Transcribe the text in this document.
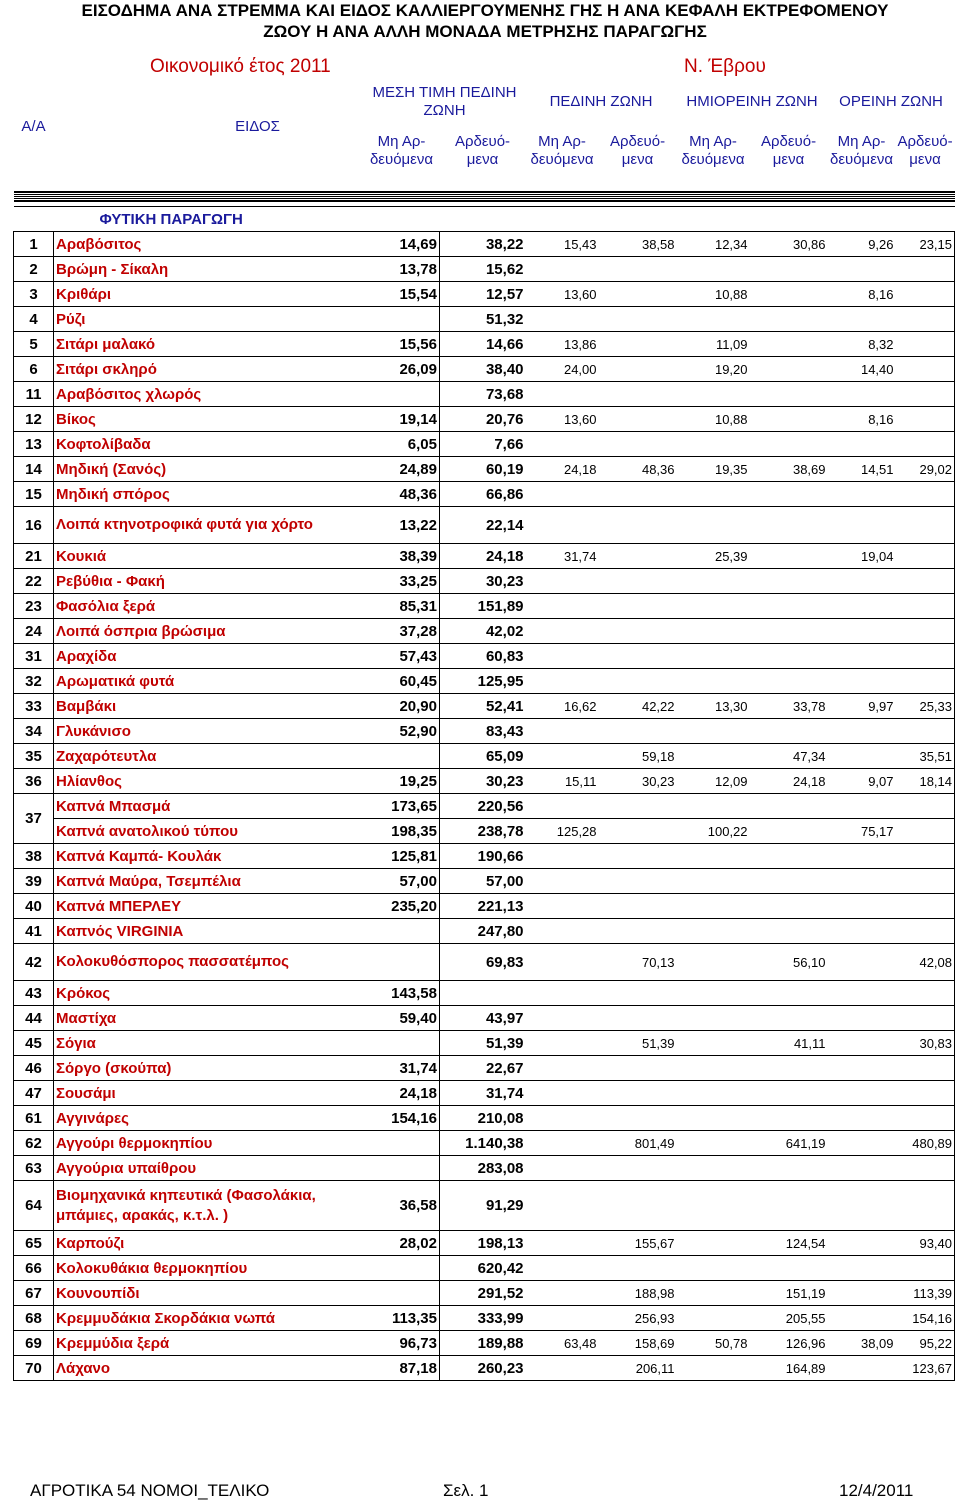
ΕΙΣΟΔΗΜΑ ΑΝΑ ΣΤΡΕΜΜΑ ΚΑΙ ΕΙΔΟΣ ΚΑΛΛΙΕΡΓΟΥΜΕΝΗΣ ΓΗΣ Η ΑΝΑ ΚΕΦΑΛΗ ΕΚΤΡΕΦΟΜΕΝΟΥ
ΖΩΟΥ Η ΑΝΑ ΑΛΛΗ ΜΟΝΑΔΑ ΜΕΤΡΗΣΗΣ ΠΑΡΑΓΩΓΗΣ
Οικονομικό έτος 2011	Ν. Έβρου
Α/Α	ΕΙΔΟΣ	ΜΕΣΗ ΤΙΜΗ ΠΕΔΙΝΗ ΖΩΝΗ		ΠΕΔΙΝΗ ΖΩΝΗ		ΗΜΙΟΡΕΙΝΗ ΖΩΝΗ		ΟΡΕΙΝΗ ΖΩΝΗ	
		Μη Αρ-δευόμενα	Αρδευό-μενα	Μη Αρ-δευόμενα	Αρδευό- μενα	Μη Αρ-δευόμενα	Αρδευό- μενα	Μη Αρ-δευόμενα	Αρδευό- μενα

ΦΥΤΙΚΗ ΠΑΡΑΓΩΓΗ									
1	Αραβόσιτος	14,69	38,22	15,43	38,58	12,34	30,86	9,26	23,15
2	Βρώμη - Σίκαλη	13,78	15,62						
3	Κριθάρι	15,54	12,57	13,60		10,88		8,16	
4	Ρύζι		51,32						
5	Σιτάρι μαλακό	15,56	14,66	13,86		11,09		8,32	
6	Σιτάρι σκληρό	26,09	38,40	24,00		19,20		14,40	
11	Αραβόσιτος χλωρός		73,68						
12	Βίκος	19,14	20,76	13,60		10,88		8,16	
13	Κοφτολίβαδα	6,05	7,66						
14	Μηδική (Σανός)	24,89	60,19	24,18	48,36	19,35	38,69	14,51	29,02
15	Μηδική σπόρος	48,36	66,86						
16	Λοιπά κτηνοτροφικά φυτά για χόρτο	13,22	22,14						
21	Κουκιά	38,39	24,18	31,74		25,39		19,04	
22	Ρεβύθια - Φακή	33,25	30,23						
23	Φασόλια ξερά	85,31	151,89						
24	Λοιπά όσπρια βρώσιμα	37,28	42,02						
31	Αραχίδα	57,43	60,83						
32	Αρωματικά φυτά	60,45	125,95						
33	Βαμβάκι	20,90	52,41	16,62	42,22	13,30	33,78	9,97	25,33
34	Γλυκάνισο	52,90	83,43						
35	Ζαχαρότευτλα		65,09		59,18		47,34		35,51
36	Ηλίανθος	19,25	30,23	15,11	30,23	12,09	24,18	9,07	18,14
37	Καπνά Μπασμά	173,65	220,56						
	Καπνά ανατολικού τύπου	198,35	238,78	125,28		100,22		75,17	
38	Καπνά Καμπά- Κουλάκ	125,81	190,66						
39	Καπνά Μαύρα, Τσεμπέλια	57,00	57,00						
40	Καπνά ΜΠΕΡΛΕΥ	235,20	221,13						
41	Καπνός VIRGINIA		247,80						
42	Κολοκυθόσπορος πασσατέμπος		69,83		70,13		56,10		42,08
43	Κρόκος	143,58							
44	Μαστίχα	59,40	43,97						
45	Σόγια		51,39		51,39		41,11		30,83
46	Σόργο (σκούπα)	31,74	22,67						
47	Σουσάμι	24,18	31,74						
61	Αγγινάρες	154,16	210,08						
62	Αγγούρι θερμοκηπίου		1.140,38		801,49		641,19		480,89
63	Αγγούρια υπαίθρου		283,08						
64	Βιομηχανικά κηπευτικά (Φασολάκια, μπάμιες, αρακάς, κ.τ.λ. )	36,58	91,29						
65	Καρπούζι	28,02	198,13		155,67		124,54		93,40
66	Κολοκυθάκια θερμοκηπίου		620,42						
67	Κουνουπίδι		291,52		188,98		151,19		113,39
68	Κρεμμυδάκια Σκορδάκια νωπά	113,35	333,99		256,93		205,55		154,16
69	Κρεμμύδια ξερά	96,73	189,88	63,48	158,69	50,78	126,96	38,09	95,22
70	Λάχανο	87,18	260,23		206,11		164,89		123,67
ΑΓΡΟΤΙΚΑ 54 ΝΟΜΟΙ_ΤΕΛΙΚΟ	Σελ. 1	12/4/2011
